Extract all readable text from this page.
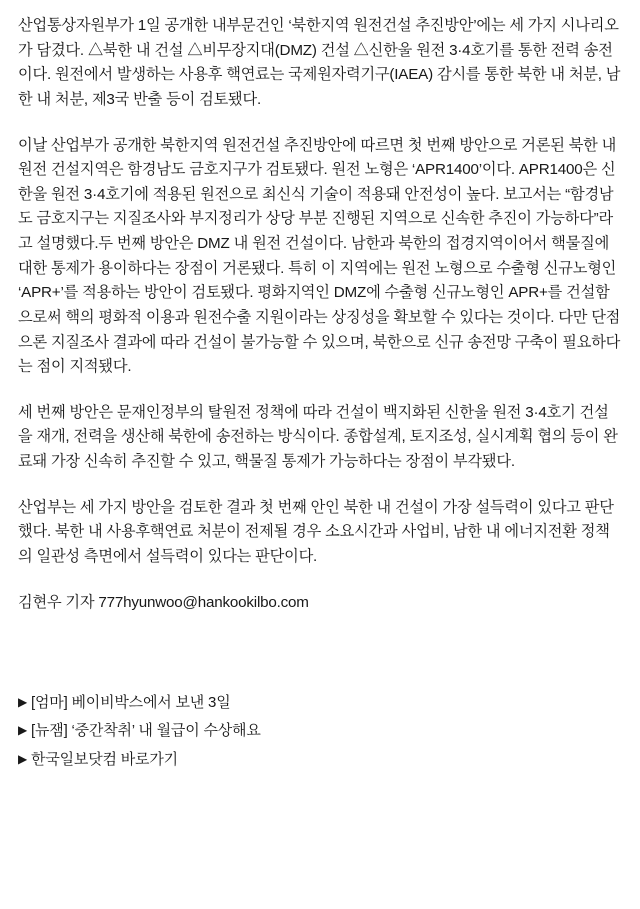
산업통상자원부가 1일 공개한 내부문건인 ‘북한지역 원전건설 추진방안’에는 세 가지 시나리오가 담겼다. △북한 내 건설 △비무장지대(DMZ) 건설 △신한울 원전 3·4호기를 통한 전력 송전이다. 원전에서 발생하는 사용후 핵연료는 국제원자력기구(IAEA) 감시를 통한 북한 내 처분, 남한 내 처분, 제3국 반출 등이 검토됐다.

이날 산업부가 공개한 북한지역 원전건설 추진방안에 따르면 첫 번째 방안으로 거론된 북한 내 원전 건설지역은 함경남도 금호지구가 검토됐다. 원전 노형은 ‘APR1400’이다. APR1400은 신한울 원전 3·4호기에 적용된 원전으로 최신식 기술이 적용돼 안전성이 높다. 보고서는 “함경남도 금호지구는 지질조사와 부지정리가 상당 부분 진행된 지역으로 신속한 추진이 가능하다”라고 설명했다.두 번째 방안은 DMZ 내 원전 건설이다. 남한과 북한의 접경지역이어서 핵물질에 대한 통제가 용이하다는 장점이 거론됐다. 특히 이 지역에는 원전 노형으로 수출형 신규노형인 ‘APR+’를 적용하는 방안이 검토됐다. 평화지역인 DMZ에 수출형 신규노형인 APR+를 건설함으로써 핵의 평화적 이용과 원전수출 지원이라는 상징성을 확보할 수 있다는 것이다. 다만 단점으론 지질조사 결과에 따라 건설이 불가능할 수 있으며, 북한으로 신규 송전망 구축이 필요하다는 점이 지적됐다.

세 번째 방안은 문재인정부의 탈원전 정책에 따라 건설이 백지화된 신한울 원전 3·4호기 건설을 재개, 전력을 생산해 북한에 송전하는 방식이다. 종합설계, 토지조성, 실시계획 협의 등이 완료돼 가장 신속히 추진할 수 있고, 핵물질 통제가 가능하다는 장점이 부각됐다.

산업부는 세 가지 방안을 검토한 결과 첫 번째 안인 북한 내 건설이 가장 설득력이 있다고 판단했다. 북한 내 사용후핵연료 처분이 전제될 경우 소요시간과 사업비, 남한 내 에너지전환 정책의 일관성 측면에서 설득력이 있다는 판단이다.

김현우 기자 777hyunwoo@hankookilbo.com

▶ [엄마] 베이비박스에서 보낸 3일
▶ [뉴잼] ‘중간착취’ 내 월급이 수상해요
▶ 한국일보닷컴 바로가기
